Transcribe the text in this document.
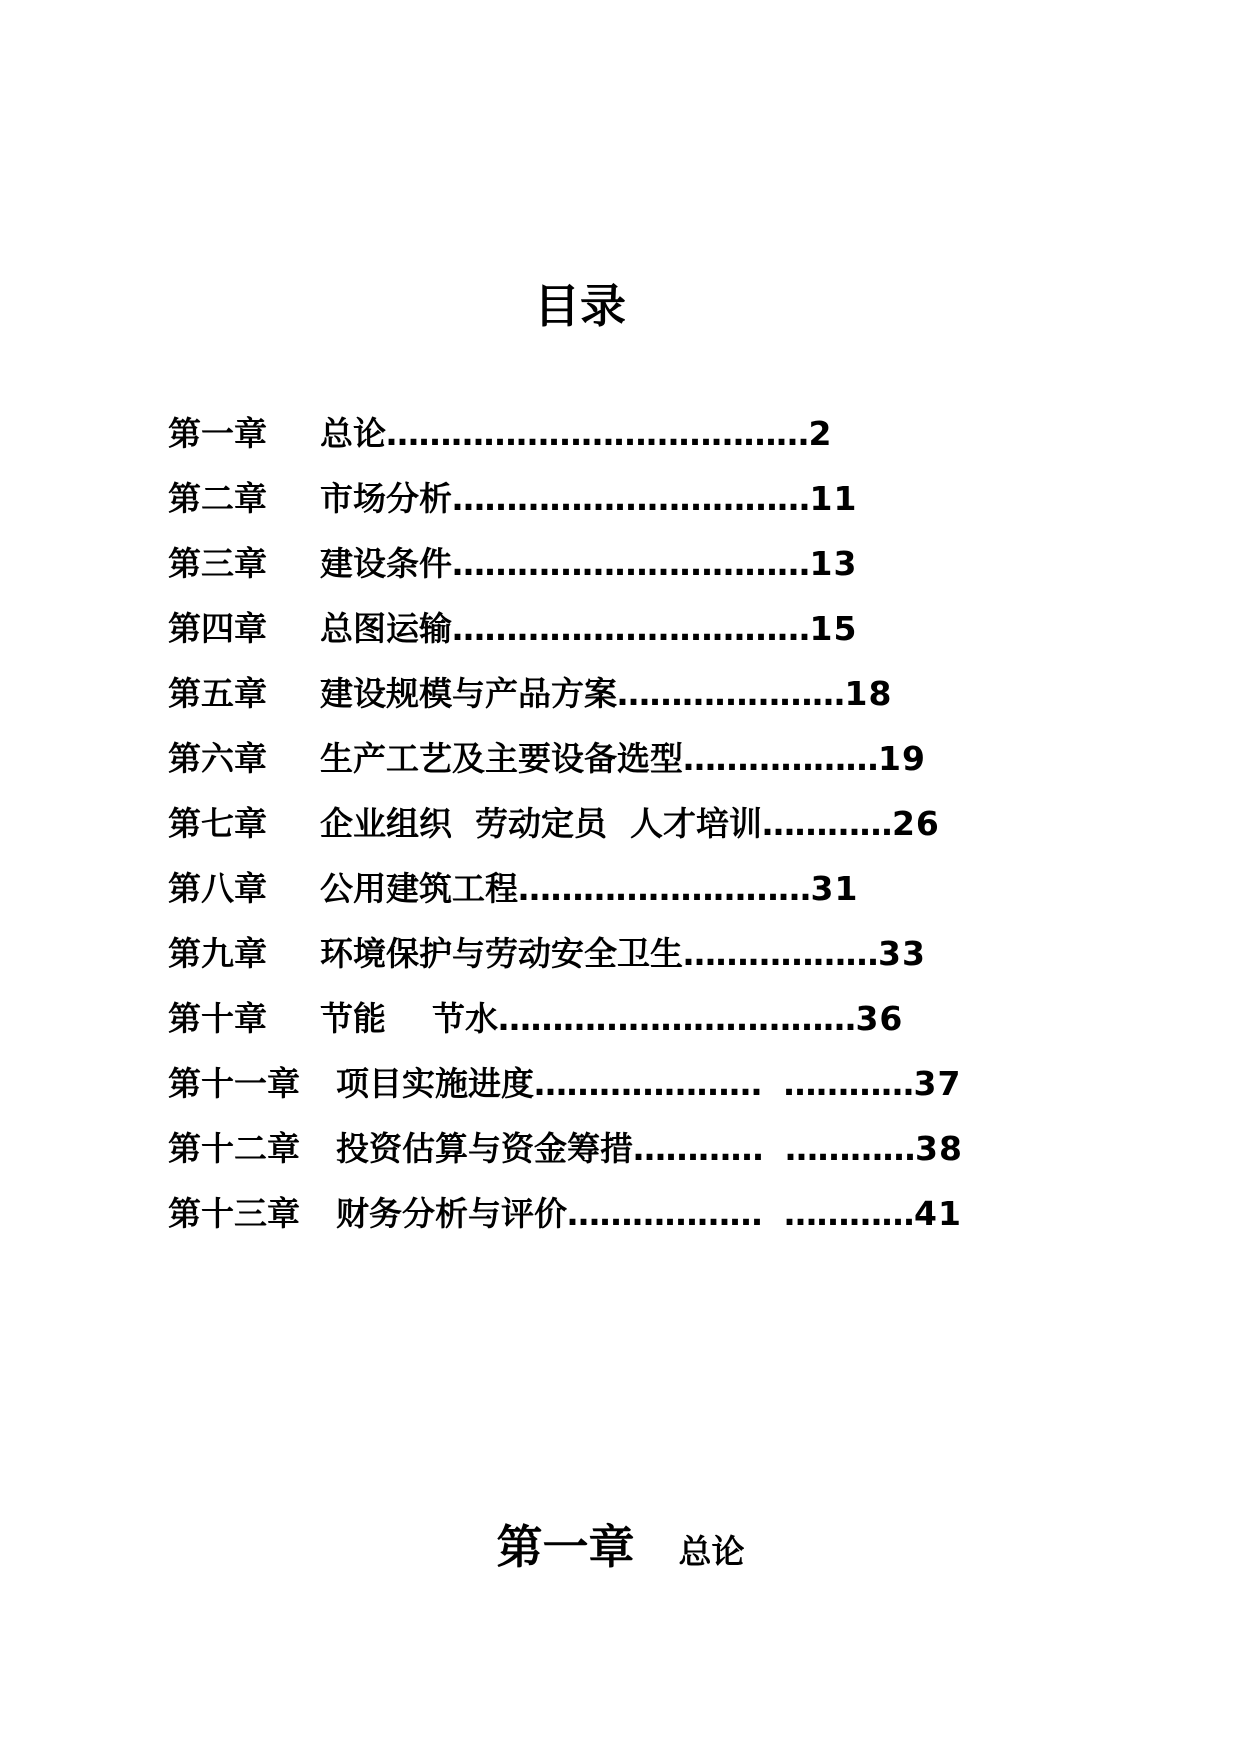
目录
第一章 总论…………………………………2
第二章 市场分析……………………………11
第三章 建设条件……………………………13
第四章 总图运输……………………………15
第五章 建设规模与产品方案…………………18
第六章 生产工艺及主要设备选型………………19
第七章 企业组织  劳动定员  人才培训…………26
第八章 公用建筑工程………………………31
第九章 环境保护与劳动安全卫生………………33
第十章 节能    节水……………………………36
第十一章 项目实施进度…………………  …………37
第十二章 投资估算与资金筹措…………  …………38
第十三章 财务分析与评价………………  …………41
第一章 总论
